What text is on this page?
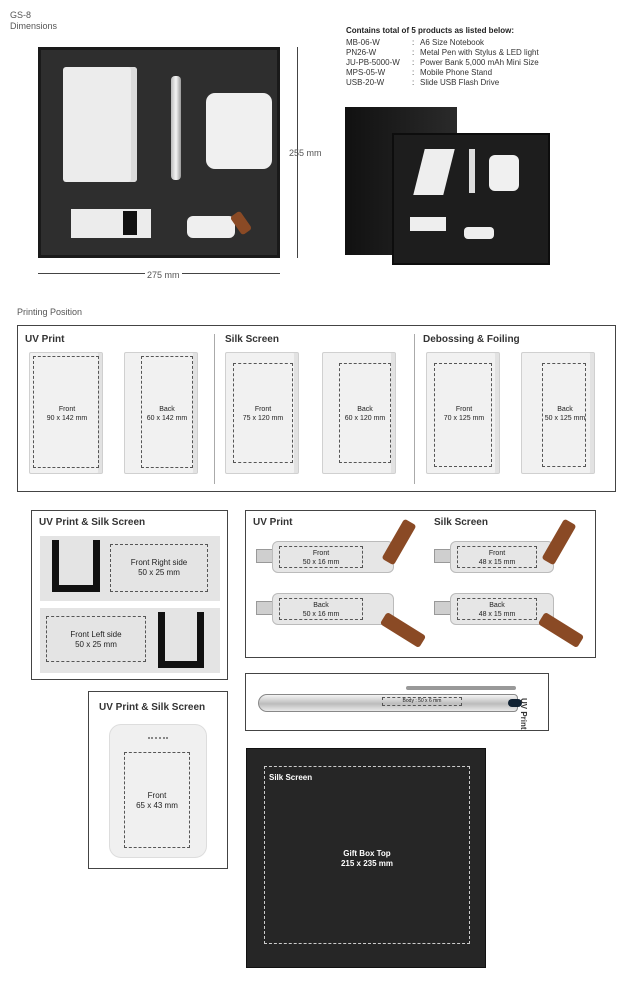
GS-8
Dimensions
255 mm
275 mm
Contains total of 5 products as listed below:
MB-06-W	: A6 Size Notebook
PN26-W	: Metal Pen with Stylus & LED light
JU-PB-5000-W : Power Bank 5,000 mAh Mini Size
MPS-05-W	: Mobile Phone Stand
USB-20-W	: Slide USB Flash Drive
Printing Position
UV Print
Front
90 x 142 mm
Back
60 x 142 mm
Silk Screen
Front
75 x 120 mm
Back
60 x 120 mm
Debossing & Foiling
Front
70 x 125 mm
Back
50 x 125 mm
UV Print & Silk Screen
Front Right side
50 x 25 mm
Front Left side
50 x 25 mm
UV Print	Silk Screen
Front
50 x 16 mm
Back
50 x 16 mm
Front
48 x 15 mm
Back
48 x 15 mm
Body : 50 x 6 mm	UV Print
UV Print & Silk Screen
Front
65 x 43 mm
Silk Screen
Gift Box Top
215 x 235 mm
